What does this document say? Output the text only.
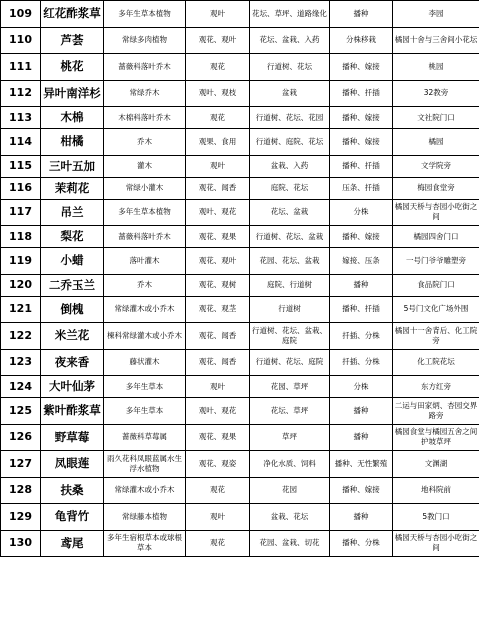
109	红花酢浆草	多年生草本植物	观叶	花坛、草坪、道路缘化	播种	李园
110	芦荟	常绿多肉植物	观花、观叶	花坛、盆栽、入药	分株移栽	橘园十舍与三舍间小花坛
111	桃花	蔷薇科落叶乔木	观花	行道树、花坛	播种、嫁接	桃园
112	异叶南洋杉	常绿乔木	观叶、观枝	盆栽	播种、扦插	32教旁
113	木棉	木棉科落叶乔木	观花	行道树、花坛、花园	播种、嫁接	文社院门口
114	柑橘	乔木	观果、食用	行道树、庭院、花坛	播种、嫁接	橘园
115	三叶五加	灌木	观叶	盆栽、入药	播种、扦插	文学院旁
116	茉莉花	常绿小灌木	观花、闻香	庭院、花坛	压条、扦插	梅园食堂旁
117	吊兰	多年生草本植物	观叶、观花	花坛、盆栽	分株	橘园天桥与杏园小吃街之间
118	梨花	蔷薇科落叶乔木	观花、观果	行道树、花坛、盆栽	播种、嫁接	橘园四舍门口
119	小蜡	落叶灌木	观花、观叶	花园、花坛、盆栽	嫁接、压条	一号门爷爷雕塑旁
120	二乔玉兰	乔木	观花、观树	庭院、行道树	播种	食品院门口
121	倒槐	常绿灌木或小乔木	观花、观茎	行道树	播种、扦插	5号门文化广场外围
122	米兰花	楝科常绿灌木或小乔木	观花、闻香	行道树、花坛、盆栽、庭院	扦插、分株	橘园十一舍背后、化工院旁
123	夜来香	藤状灌木	观花、闻香	行道树、花坛、庭院	扦插、分株	化工院花坛
124	大叶仙茅	多年生草本	观叶	花园、草坪	分株	东方红旁
125	紫叶酢浆草	多年生草本	观叶、观花	花坛、草坪	播种	二运与田家炳、杏园交界路旁
126	野草莓	蔷薇科草莓属	观花、观果	草坪	播种	橘园食堂与橘园五舍之间护坡草坪
127	凤眼莲	雨久花科凤眼蓝属水生浮水植物	观花、观姿	净化水质、饲料	播种、无性繁殖	文渊湖
128	扶桑	常绿灌木或小乔木	观花	花园	播种、嫁接	地科院前
129	龟背竹	常绿藤本植物	观叶	盆栽、花坛	播种	5教门口
130	鸢尾	多年生宿根草本或球根草本	观花	花园、盆栽、切花	播种、分株	橘园天桥与杏园小吃街之间
